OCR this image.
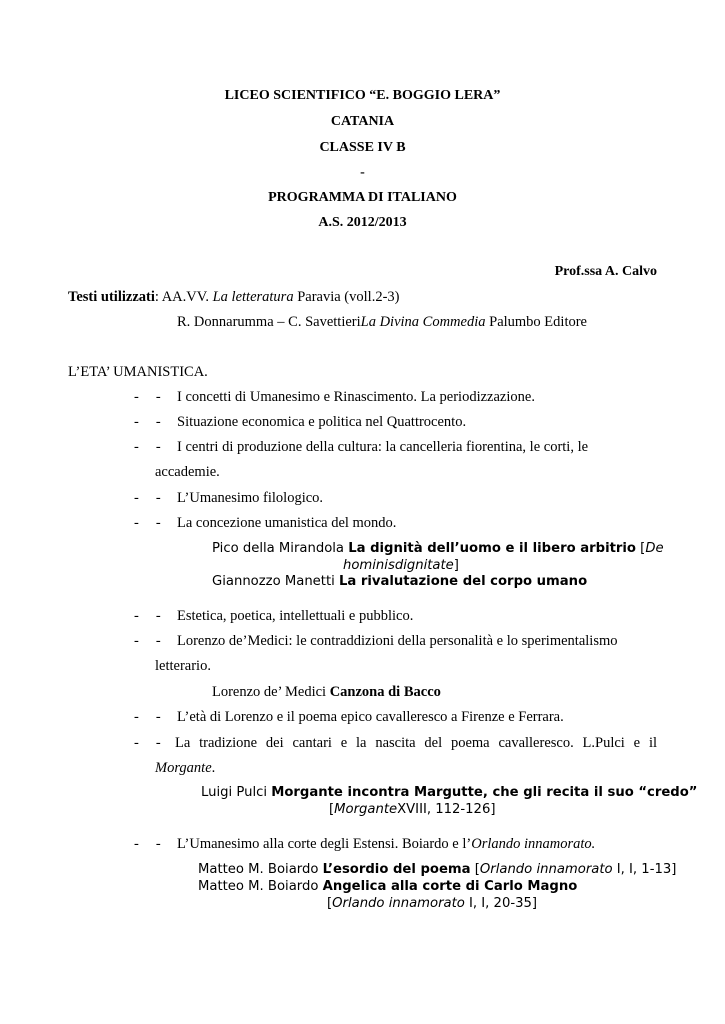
LICEO SCIENTIFICO “E. BOGGIO LERA”
CATANIA
CLASSE IV B
-
PROGRAMMA DI ITALIANO
A.S. 2012/2013
Prof.ssa A. Calvo
Testi utilizzati: AA.VV. La letteratura Paravia (voll.2-3)
R. Donnarumma – C. SavettieriLa Divina Commedia Palumbo Editore
L’ETA’ UMANISTICA.
- - I concetti di Umanesimo e Rinascimento. La periodizzazione.
- - Situazione economica e politica nel Quattrocento.
- - I centri di produzione della cultura: la cancelleria fiorentina, le corti, le
accademie.
- - L’Umanesimo filologico.
- - La concezione umanistica del mondo.
Pico della Mirandola La dignità dell’uomo e il libero arbitrio [De
hominisdignitate]
Giannozzo Manetti La rivalutazione del corpo umano
- - Estetica, poetica, intellettuali e pubblico.
- - Lorenzo de’Medici: le contraddizioni della personalità e lo sperimentalismo
letterario.
Lorenzo de’ Medici Canzona di Bacco
- - L’età di Lorenzo e il poema epico cavalleresco a Firenze e Ferrara.
- - La tradizione dei cantari e la nascita del poema cavalleresco. L.Pulci e il
Morgante.
Luigi Pulci Morgante incontra Margutte, che gli recita il suo “credo”
[MorganteXVIII, 112-126]
- - L’Umanesimo alla corte degli Estensi. Boiardo e l’Orlando innamorato.
Matteo M. Boiardo L’esordio del poema [Orlando innamorato I, I, 1-13]
Matteo M. Boiardo Angelica alla corte di Carlo Magno
[Orlando innamorato I, I, 20-35]
